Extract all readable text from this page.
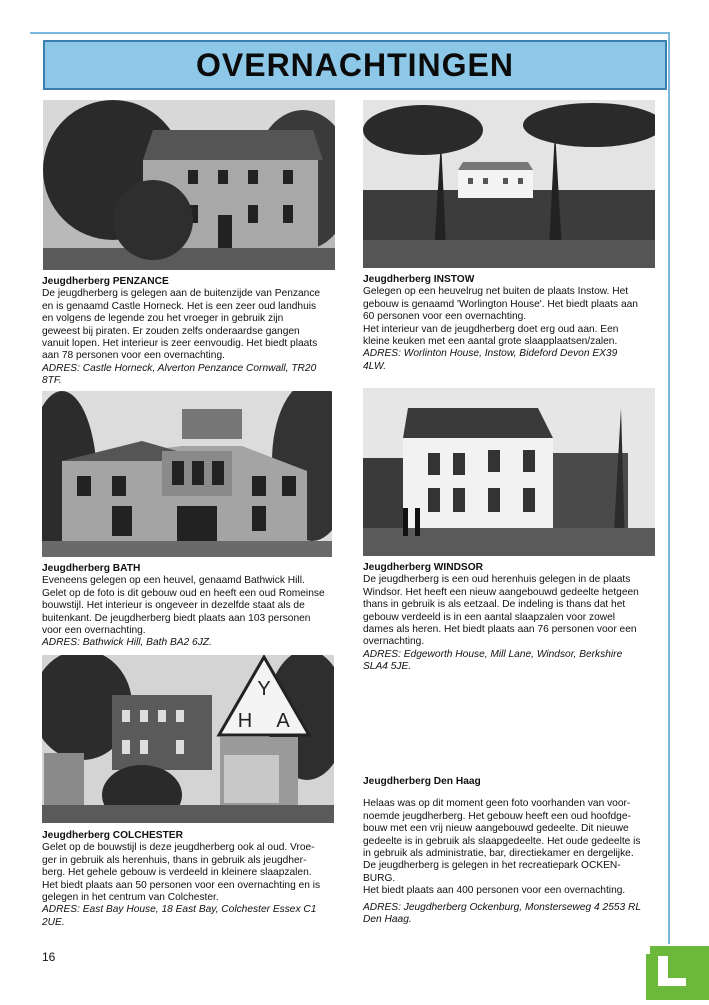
OVERNACHTINGEN
Jeugdherberg PENZANCE
De jeugdherberg is gelegen aan de buitenzijde van Penzance
en is genaamd Castle Horneck. Het is een zeer oud landhuis
en volgens de legende zou het vroeger in gebruik zijn
geweest bij piraten. Er zouden zelfs onderaardse gangen
vanuit lopen. Het interieur is zeer eenvoudig. Het biedt plaats
aan 78 personen voor een overnachting.
ADRES: Castle Horneck, Alverton Penzance Cornwall, TR20
8TF.
Jeugdherberg INSTOW
Gelegen op een heuvelrug net buiten de plaats Instow. Het
gebouw is genaamd 'Worlington House'. Het biedt plaats aan
60 personen voor een overnachting.
Het interieur van de jeugdherberg doet erg oud aan. Een
kleine keuken met een aantal grote slaapplaatsen/zalen.
ADRES: Worlinton House, Instow, Bideford Devon EX39
4LW.
Jeugdherberg BATH
Eveneens gelegen op een heuvel, genaamd Bathwick Hill.
Gelet op de foto is dit gebouw oud en heeft een oud Romeinse
bouwstijl. Het interieur is ongeveer in dezelfde staat als de
buitenkant. De jeugdherberg biedt plaats aan 103 personen
voor een overnachting.
ADRES: Bathwick Hill, Bath BA2 6JZ.
Jeugdherberg WINDSOR
De jeugdherberg is een oud herenhuis gelegen in de plaats
Windsor. Het heeft een nieuw aangebouwd gedeelte hetgeen
thans in gebruik is als eetzaal. De indeling is thans dat het
gebouw verdeeld is in een aantal slaapzalen voor zowel
dames als heren. Het biedt plaats aan 76 personen voor een
overnachting.
ADRES: Edgeworth House, Mill Lane, Windsor, Berkshire
SLA4 5JE.
Y
H A
Jeugdherberg COLCHESTER
Gelet op de bouwstijl is deze jeugdherberg ook al oud. Vroe-
ger in gebruik als herenhuis, thans in gebruik als jeugdher-
berg. Het gehele gebouw is verdeeld in kleinere slaapzalen.
Het biedt plaats aan 50 personen voor een overnachting en is
gelegen in het centrum van Colchester.
ADRES: East Bay House, 18 East Bay, Colchester Essex C1
2UE.
Jeugdherberg Den Haag
Helaas was op dit moment geen foto voorhanden van voor-
noemde jeugdherberg. Het gebouw heeft een oud hoofdge-
bouw met een vrij nieuw aangebouwd gedeelte. Dit nieuwe
gedeelte is in gebruik als slaapgedeelte. Het oude gedeelte is
in gebruik als administratie, bar, directiekamer en dergelijke.
De jeugdherberg is gelegen in het recreatiepark OCKEN-
BURG.
Het biedt plaats aan 400 personen voor een overnachting.
ADRES: Jeugdherberg Ockenburg, Monsterseweg 4 2553 RL
Den Haag.
16
